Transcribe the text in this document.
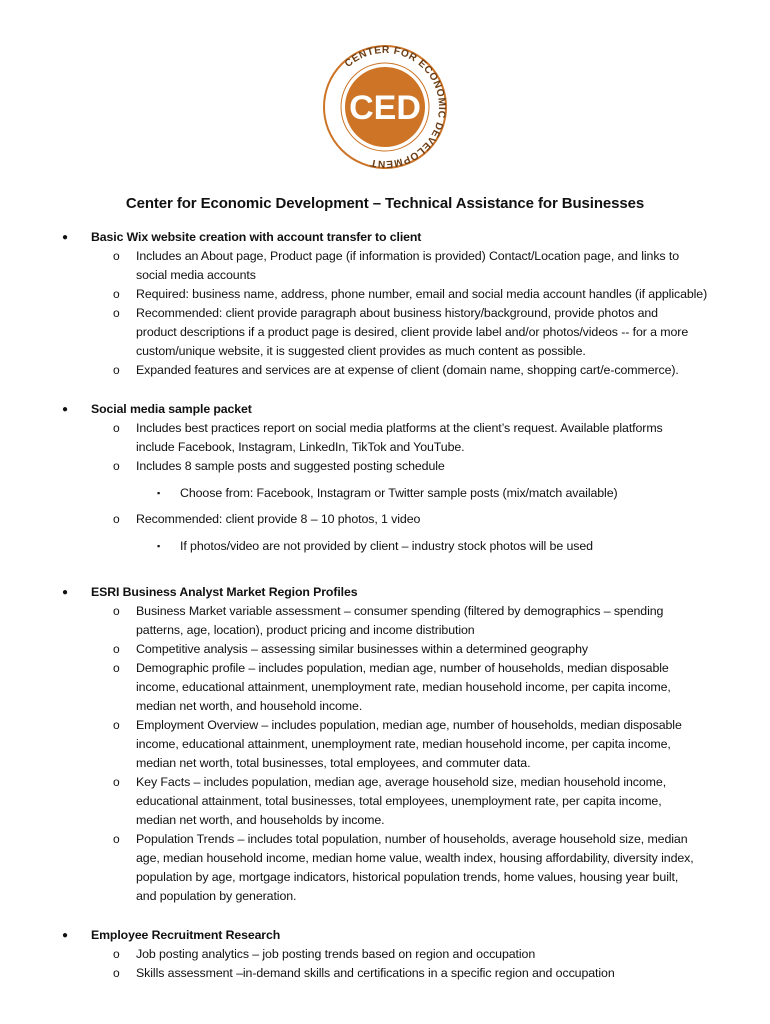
CENTER FOR ECONOMIC DEVELOPMENT
CED
Center for Economic Development – Technical Assistance for Businesses
● Basic Wix website creation with account transfer to client
o Includes an About page, Product page (if information is provided) Contact/Location page, and links to
social media accounts
o Required: business name, address, phone number, email and social media account handles (if applicable)
o Recommended: client provide paragraph about business history/background, provide photos and
product descriptions if a product page is desired, client provide label and/or photos/videos -- for a more
custom/unique website, it is suggested client provides as much content as possible.
o Expanded features and services are at expense of client (domain name, shopping cart/e-commerce).
● Social media sample packet
o Includes best practices report on social media platforms at the client’s request. Available platforms
include Facebook, Instagram, LinkedIn, TikTok and YouTube.
o Includes 8 sample posts and suggested posting schedule
▪ Choose from: Facebook, Instagram or Twitter sample posts (mix/match available)
o Recommended: client provide 8 – 10 photos, 1 video
▪ If photos/video are not provided by client – industry stock photos will be used
● ESRI Business Analyst Market Region Profiles
o Business Market variable assessment – consumer spending (filtered by demographics – spending
patterns, age, location), product pricing and income distribution
o Competitive analysis – assessing similar businesses within a determined geography
o Demographic profile – includes population, median age, number of households, median disposable
income, educational attainment, unemployment rate, median household income, per capita income,
median net worth, and household income.
o Employment Overview – includes population, median age, number of households, median disposable
income, educational attainment, unemployment rate, median household income, per capita income,
median net worth, total businesses, total employees, and commuter data.
o Key Facts – includes population, median age, average household size, median household income,
educational attainment, total businesses, total employees, unemployment rate, per capita income,
median net worth, and households by income.
o Population Trends – includes total population, number of households, average household size, median
age, median household income, median home value, wealth index, housing affordability, diversity index,
population by age, mortgage indicators, historical population trends, home values, housing year built,
and population by generation.
● Employee Recruitment Research
o Job posting analytics – job posting trends based on region and occupation
o Skills assessment –in-demand skills and certifications in a specific region and occupation
